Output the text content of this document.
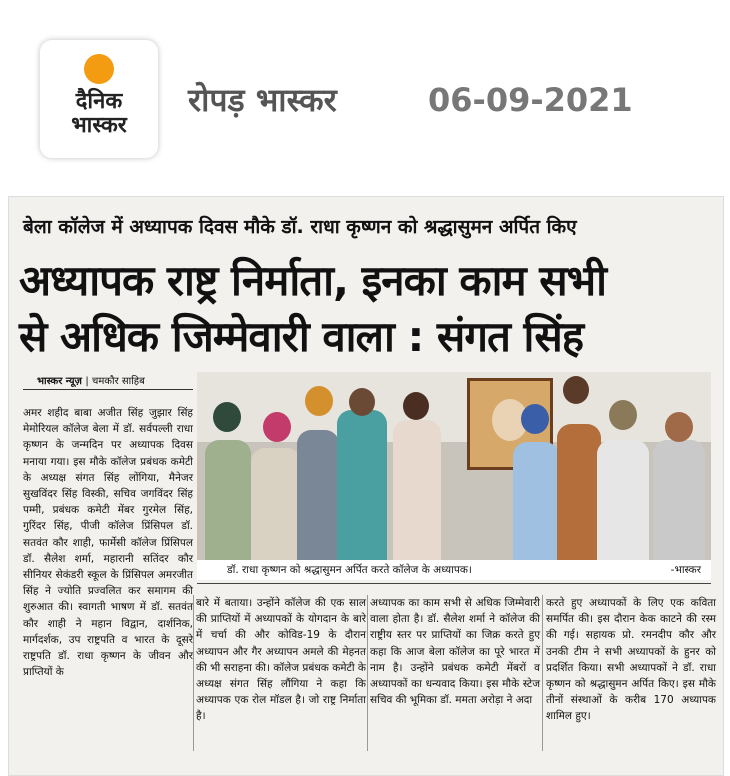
दैनिक
भास्कर
रोपड़ भास्कर	06-09-2021
बेला कॉलेज में अध्यापक दिवस मौके डॉ. राधा कृष्णन को श्रद्धासुमन अर्पित किए
अध्यापक राष्ट्र निर्माता, इनका काम सभी
से अधिक जिम्मेवारी वाला : संगत सिंह
भास्कर न्यूज़ | चमकौर साहिब
डॉ. राधा कृष्णन को श्रद्धासुमन अर्पित करते कॉलेज के अध्यापक।	-भास्कर
अमर शहीद बाबा अजीत सिंह जुझार सिंह मेमोरियल कॉलेज बेला में डॉ. सर्वपल्ली राधा कृष्णन के जन्मदिन पर अध्यापक दिवस मनाया गया। इस मौके कॉलेज प्रबंधक कमेटी के अध्यक्ष संगत सिंह लोंगिया, मैनेजर सुखविंदर सिंह विस्की, सचिव जगविंदर सिंह पम्मी, प्रबंधक कमेटी मेंबर गुरमेल सिंह, गुरिंदर सिंह, पीजी कॉलेज प्रिंसिपल डॉ. सतवंत कौर शाही, फार्मेसी कॉलेज प्रिंसिपल डॉ. सैलेश शर्मा, महारानी सतिंदर कौर सीनियर सेकंडरी स्कूल के प्रिंसिपल अमरजीत सिंह ने ज्योति प्रज्वलित कर समागम की शुरुआत की। स्वागती भाषण में डॉ. सतवंत कौर शाही ने महान विद्वान, दार्शनिक, मार्गदर्शक, उप राष्ट्रपति व भारत के दूसरे राष्ट्रपति डॉ. राधा कृष्णन के जीवन और प्राप्तियों के
बारे में बताया। उन्होंने कॉलेज की एक साल की प्राप्तियों में अध्यापकों के योगदान के बारे में चर्चा की और कोविड-19 के दौरान अध्यापन और गैर अध्यापन अमले की मेहनत की भी सराहना की। कॉलेज प्रबंधक कमेटी के अध्यक्ष संगत सिंह लौंगिया ने कहा कि अध्यापक एक रोल मॉडल है। जो राष्ट्र निर्माता है।
अध्यापक का काम सभी से अधिक जिम्मेवारी वाला होता है। डॉ. सैलेश शर्मा ने कॉलेज की राष्ट्रीय स्तर पर प्राप्तियों का जिक्र करते हुए कहा कि आज बेला कॉलेज का पूरे भारत में नाम है। उन्होंने प्रबंधक कमेटी मेंबरों व अध्यापकों का धन्यवाद किया। इस मौके स्टेज सचिव की भूमिका डॉ. ममता अरोड़ा ने अदा
करते हुए अध्यापकों के लिए एक कविता समर्पित की। इस दौरान केक काटने की रस्म की गई। सहायक प्रो. रमनदीप कौर और उनकी टीम ने सभी अध्यापकों के हुनर को प्रदर्शित किया। सभी अध्यापकों ने डॉ. राधा कृष्णन को श्रद्धासुमन अर्पित किए। इस मौके तीनों संस्थाओं के करीब 170 अध्यापक शामिल हुए।
